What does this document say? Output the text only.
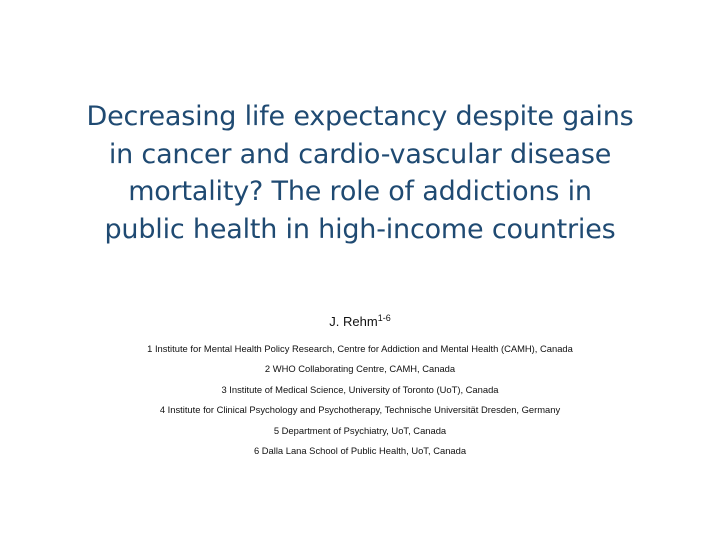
Decreasing life expectancy despite gains
in cancer and cardio-vascular disease
mortality? The role of addictions in
public health in high-income countries

J. Rehm$^{1-6}$

1 Institute for Mental Health Policy Research, Centre for Addiction and Mental Health (CAMH), Canada
2 WHO Collaborating Centre, CAMH, Canada
3 Institute of Medical Science, University of Toronto (UoT), Canada
4 Institute for Clinical Psychology and Psychotherapy, Technische Universität Dresden, Germany
5 Department of Psychiatry, UoT, Canada
6 Dalla Lana School of Public Health, UoT, Canada
